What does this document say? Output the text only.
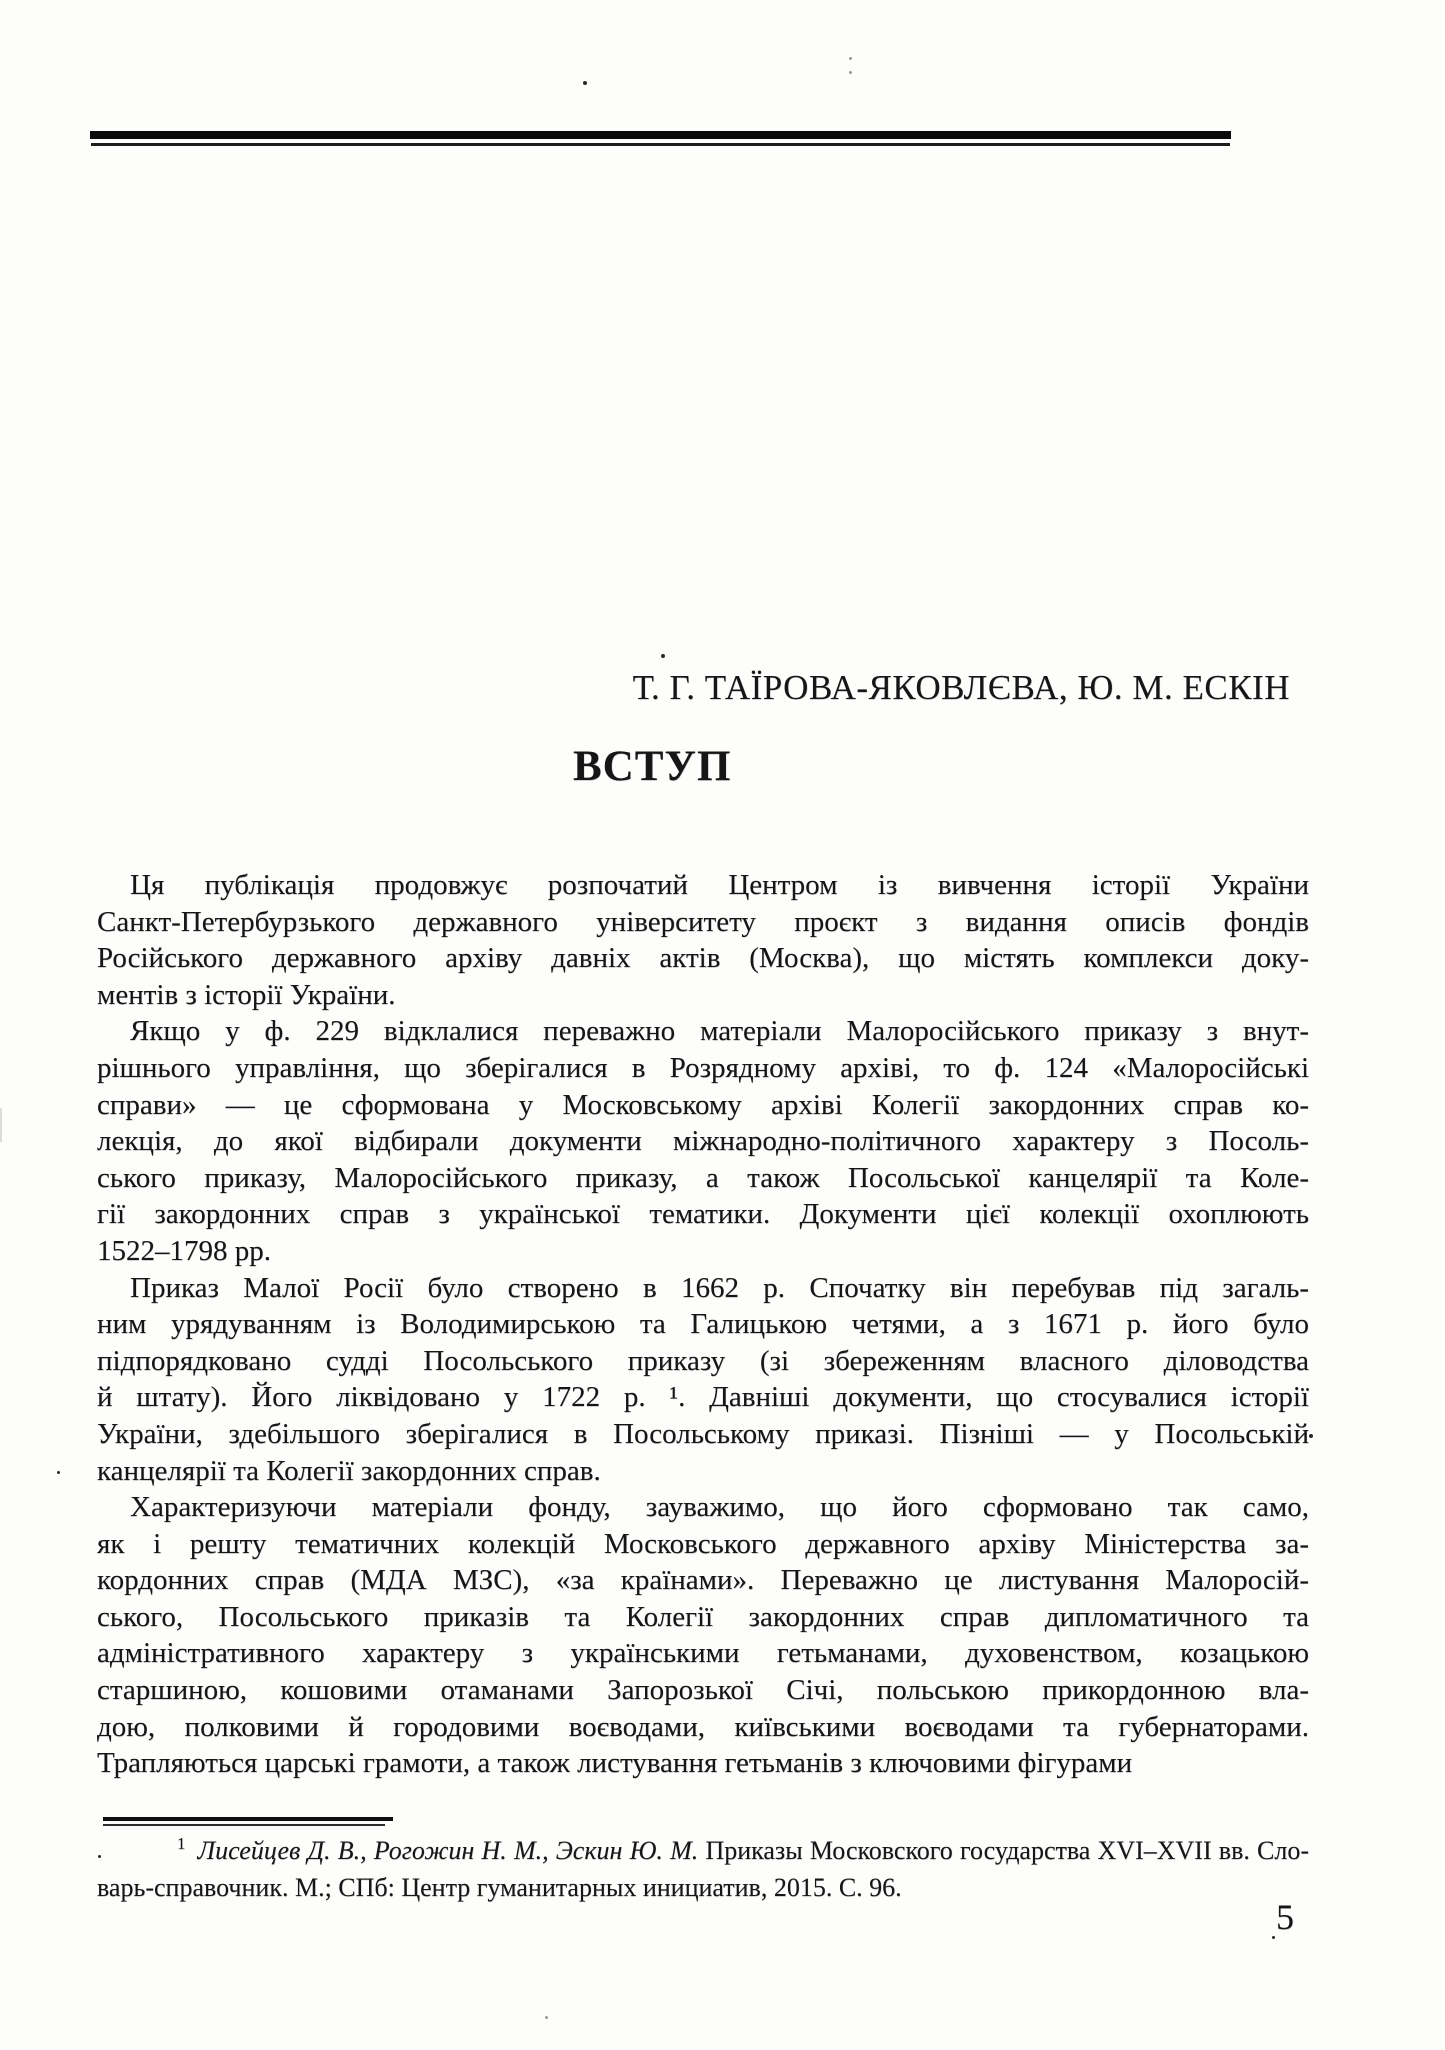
Т. Г. ТАЇРОВА-ЯКОВЛЄВА, Ю. М. ЕСКІН
ВСТУП
Ця публікація продовжує розпочатий Центром із вивчення історії України
Санкт-Петербурзького державного університету проєкт з видання описів фондів
Російського державного архіву давніх актів (Москва), що містять комплекси доку-
ментів з історії України.
Якщо у ф. 229 відклалися переважно матеріали Малоросійського приказу з внут-
рішнього управління, що зберігалися в Розрядному архіві, то ф. 124 «Малоросійські
справи» — це сформована у Московському архіві Колегії закордонних справ ко-
лекція, до якої відбирали документи міжнародно-політичного характеру з Посоль-
ського приказу, Малоросійського приказу, а також Посольської канцелярії та Коле-
гії закордонних справ з української тематики. Документи цієї колекції охоплюють
1522–1798 рр.
Приказ Малої Росії було створено в 1662 р. Спочатку він перебував під загаль-
ним урядуванням із Володимирською та Галицькою четями, а з 1671 р. його було
підпорядковано судді Посольського приказу (зі збереженням власного діловодства
й штату). Його ліквідовано у 1722 р. ¹. Давніші документи, що стосувалися історії
України, здебільшого зберігалися в Посольському приказі. Пізніші — у Посольській
канцелярії та Колегії закордонних справ.
Характеризуючи матеріали фонду, зауважимо, що його сформовано так само,
як і решту тематичних колекцій Московського державного архіву Міністерства за-
кордонних справ (МДА МЗС), «за країнами». Переважно це листування Малоросій-
ського, Посольського приказів та Колегії закордонних справ дипломатичного та
адміністративного характеру з українськими гетьманами, духовенством, козацькою
старшиною, кошовими отаманами Запорозької Січі, польською прикордонною вла-
дою, полковими й городовими воєводами, київськими воєводами та губернаторами.
Трапляються царські грамоти, а також листування гетьманів з ключовими фігурами
$^1$ Лисейцев Д. В., Рогожин Н. М., Эскин Ю. М. Приказы Московского государства XVI–XVII вв. Сло-
варь-справочник. М.; СПб: Центр гуманитарных инициатив, 2015. С. 96.
5
